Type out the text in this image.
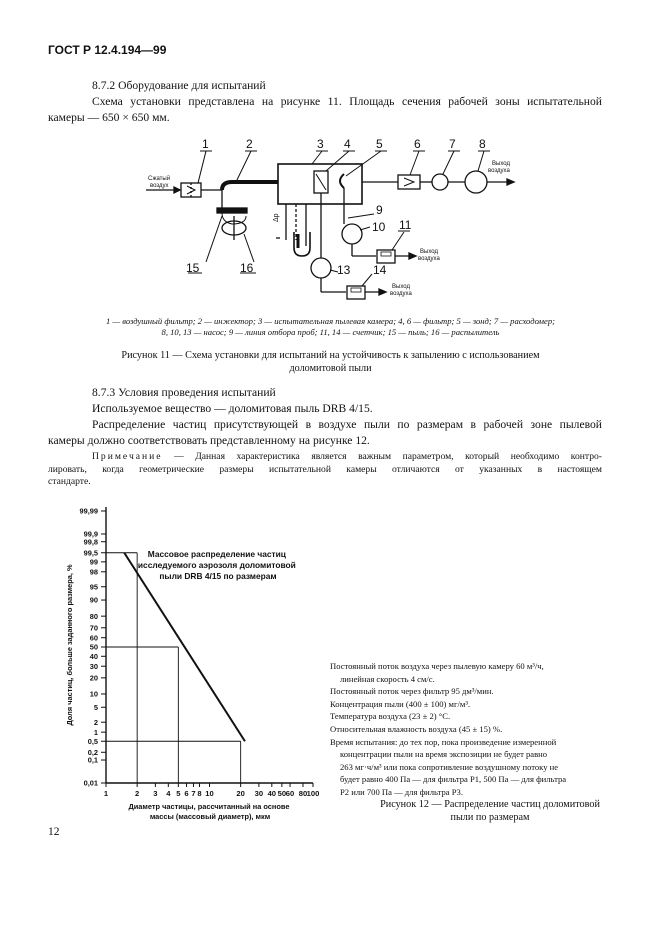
ГОСТ Р 12.4.194—99

8.7.2 Оборудование для испытаний

Схема установки представлена на рисунке 11. Площадь сечения рабочей зоны испытательной

камеры — 650 × 650 мм.

Сжатый воздух
Выход воздуха
Выход воздуха
Выход воздуха
Δp
1	2	3 4 5	6 7 8
9
10 11
13 14
15	16
1 — воздушный фильтр; 2 — инжектор; 3 — испытательная пылевая камера; 4, 6 — фильтр; 5 — зонд; 7 — расходомер;
8, 10, 13 — насос; 9 — линия отбора проб; 11, 14 — счетчик; 15 — пыль; 16 — распылитель
Рисунок 11 — Схема установки для испытаний на устойчивость к запылению с использованием
доломитовой пыли

8.7.3 Условия проведения испытаний

Используемое вещество — доломитовая пыль DRB 4/15.

Распределение частиц присутствующей в воздухе пыли по размерам в рабочей зоне пылевой

камеры должно соответствовать представленному на рисунке 12.

Примечание — Данная характеристика является важным параметром, который необходимо контро-
лировать, когда геометрические размеры испытательной камеры отличаются от указанных в настоящем
стандарте.
0,01
0,1
0,2
0,5
1
2
5
10
20
30
40
50
60
70
80
90
95
98
99
99,5
99,8
99,9
99,99
1	2 3 4 5 6 7 8 10	20 30 40 50 60 80 100
Массовое распределение частиц исследуемого аэрозоля доломитовой пыли DRB 4/15 по размерам
Доля частиц, больше заданного размера, %
Диаметр частицы, рассчитанный на основе массы (массовый диаметр), мкм
Постоянный поток воздуха через пылевую камеру 60 м³/ч,
линейная скорость 4 см/с.
Постоянный поток через фильтр 95 дм³/мин.
Концентрация пыли (400 ± 100) мг/м³.
Температура воздуха (23 ± 2) °С.
Относительная влажность воздуха (45 ± 15) %.
Время испытания: до тех пор, пока произведение измеренной
концентрации пыли на время экспозиции не будет равно
263 мг·ч/м³ или пока сопротивление воздушному потоку не
будет равно 400 Па — для фильтра Р1, 500 Па — для фильтра
Р2 или 700 Па — для фильтра Р3.
Рисунок 12 — Распределение частиц доломитовой
пыли по размерам
12
